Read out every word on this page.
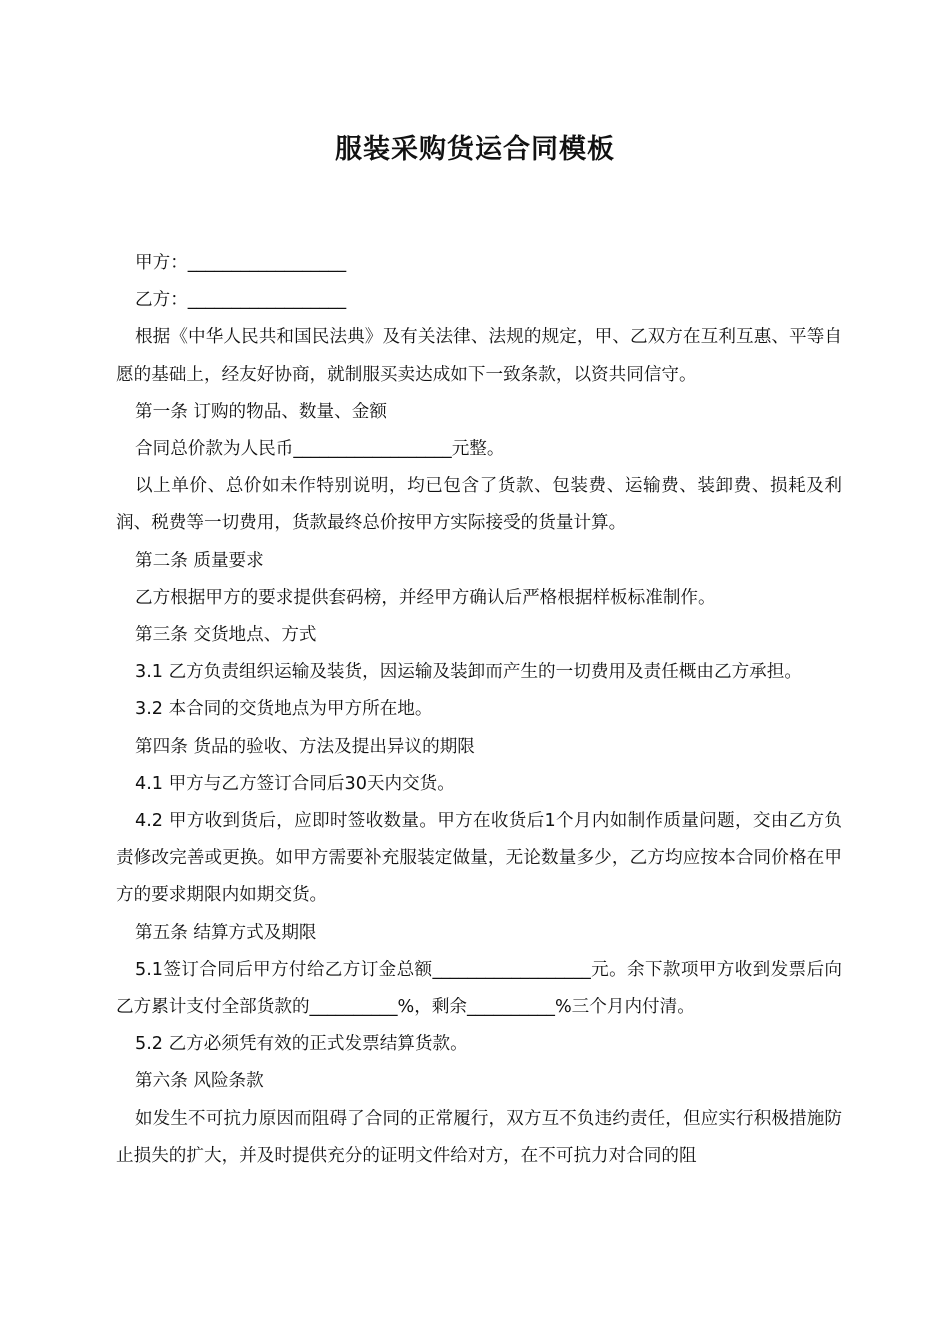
服装采购货运合同模板

甲方：__________________

乙方：__________________

根据《中华人民共和国民法典》及有关法律、法规的规定，甲、乙双方在互利互惠、平等自愿的基础上，经友好协商，就制服买卖达成如下一致条款，以资共同信守。

第一条 订购的物品、数量、金额

合同总价款为人民币__________________元整。

以上单价、总价如未作特别说明，均已包含了货款、包装费、运输费、装卸费、损耗及利润、税费等一切费用，货款最终总价按甲方实际接受的货量计算。

第二条 质量要求

乙方根据甲方的要求提供套码榜，并经甲方确认后严格根据样板标准制作。

第三条 交货地点、方式

3.1 乙方负责组织运输及装货，因运输及装卸而产生的一切费用及责任概由乙方承担。

3.2 本合同的交货地点为甲方所在地。

第四条 货品的验收、方法及提出异议的期限

4.1 甲方与乙方签订合同后30天内交货。

4.2 甲方收到货后，应即时签收数量。甲方在收货后1个月内如制作质量问题，交由乙方负责修改完善或更换。如甲方需要补充服装定做量，无论数量多少，乙方均应按本合同价格在甲方的要求期限内如期交货。

第五条 结算方式及期限

5.1签订合同后甲方付给乙方订金总额__________________元。余下款项甲方收到发票后向乙方累计支付全部货款的__________%，剩余__________%三个月内付清。

5.2 乙方必须凭有效的正式发票结算货款。

第六条 风险条款

如发生不可抗力原因而阻碍了合同的正常履行，双方互不负违约责任，但应实行积极措施防止损失的扩大，并及时提供充分的证明文件给对方，在不可抗力对合同的阻
